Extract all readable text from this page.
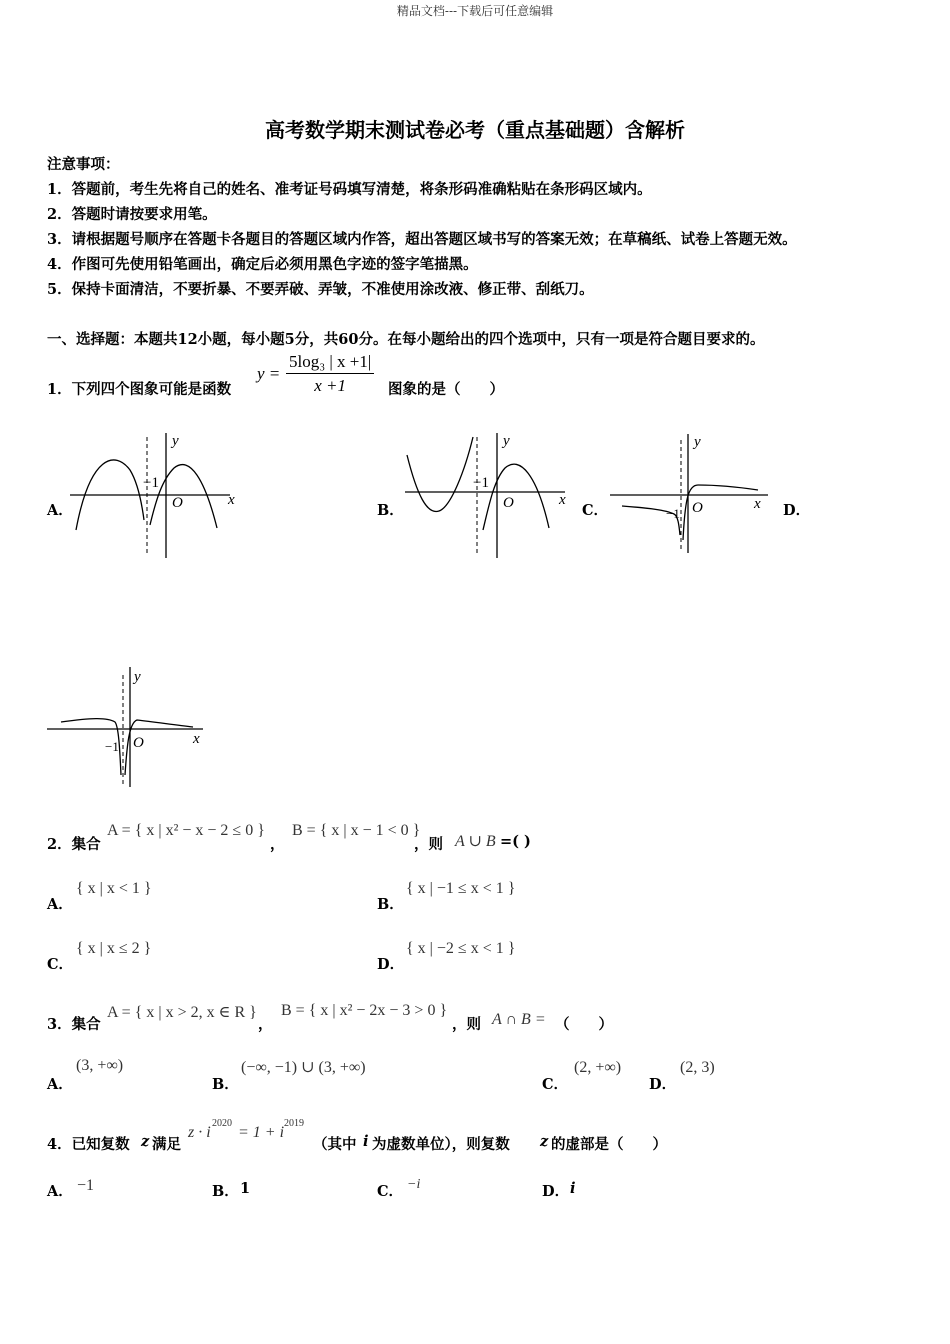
精品文档---下载后可任意编辑
高考数学期末测试卷必考（重点基础题）含解析
注意事项：
1．答题前，考生先将自己的姓名、准考证号码填写清楚，将条形码准确粘贴在条形码区域内。
2．答题时请按要求用笔。
3．请根据题号顺序在答题卡各题目的答题区域内作答，超出答题区域书写的答案无效；在草稿纸、试卷上答题无效。
4．作图可先使用铅笔画出，确定后必须用黑色字迹的签字笔描黑。
5．保持卡面清洁，不要折暴、不要弄破、弄皱，不准使用涂改液、修正带、刮纸刀。
一、选择题：本题共12小题，每小题5分，共60分。在每小题给出的四个选项中，只有一项是符合题目要求的。
1．下列四个图象可能是函数
$y = \frac{\text{5log₃ | x +1|}}{x +1}$ 图象的是（　　）
A．	B．	C．	D．
y
x
O
−1
y
x
O
−1
y
x
O
−1
y
x
O
−1
2．集合
A = { x | x² − x − 2 ≤ 0 }
，
B = { x | x − 1 < 0 }
，则 A ∪ B =( )
A．
{ x | x < 1 }
B．
{ x | −1 ≤ x < 1 }
C．
{ x | x ≤ 2 }
D．
{ x | −2 ≤ x < 1 }
3．集合
A = { x | x > 2, x ∈ R }
，
B = { x | x² − 2x − 3 > 0 }
，则 A ∩ B = （　　）
A．
(3, +∞)
B．
(−∞, −1) ∪ (3, +∞)
C．
(2, +∞)
D．
(2, 3)
4．已知复数 z 满足
z · i
2020
= 1 + i
2019
（其中 i 为虚数单位），则复数 z 的虚部是（　　）
A． −1	B． 1	C． −i	D． i
